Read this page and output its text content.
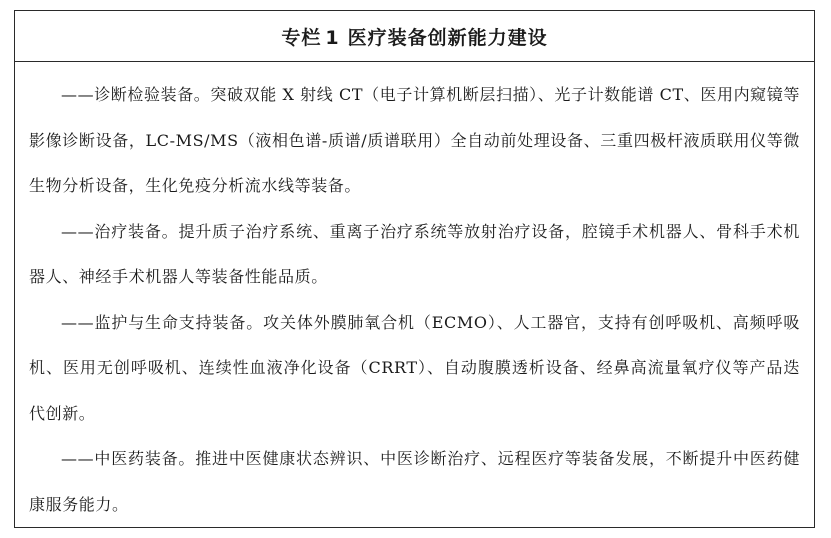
专栏 1 医疗装备创新能力建设

——诊断检验装备。突破双能 X 射线 CT（电子计算机断层扫描）、光子计数能谱 CT、医用内窥镜等影像诊断设备，LC-MS/MS（液相色谱-质谱/质谱联用）全自动前处理设备、三重四极杆液质联用仪等微生物分析设备，生化免疫分析流水线等装备。

——治疗装备。提升质子治疗系统、重离子治疗系统等放射治疗设备，腔镜手术机器人、骨科手术机器人、神经手术机器人等装备性能品质。

——监护与生命支持装备。攻关体外膜肺氧合机（ECMO）、人工器官，支持有创呼吸机、高频呼吸机、医用无创呼吸机、连续性血液净化设备（CRRT）、自动腹膜透析设备、经鼻高流量氧疗仪等产品迭代创新。

——中医药装备。推进中医健康状态辨识、中医诊断治疗、远程医疗等装备发展，不断提升中医药健康服务能力。
